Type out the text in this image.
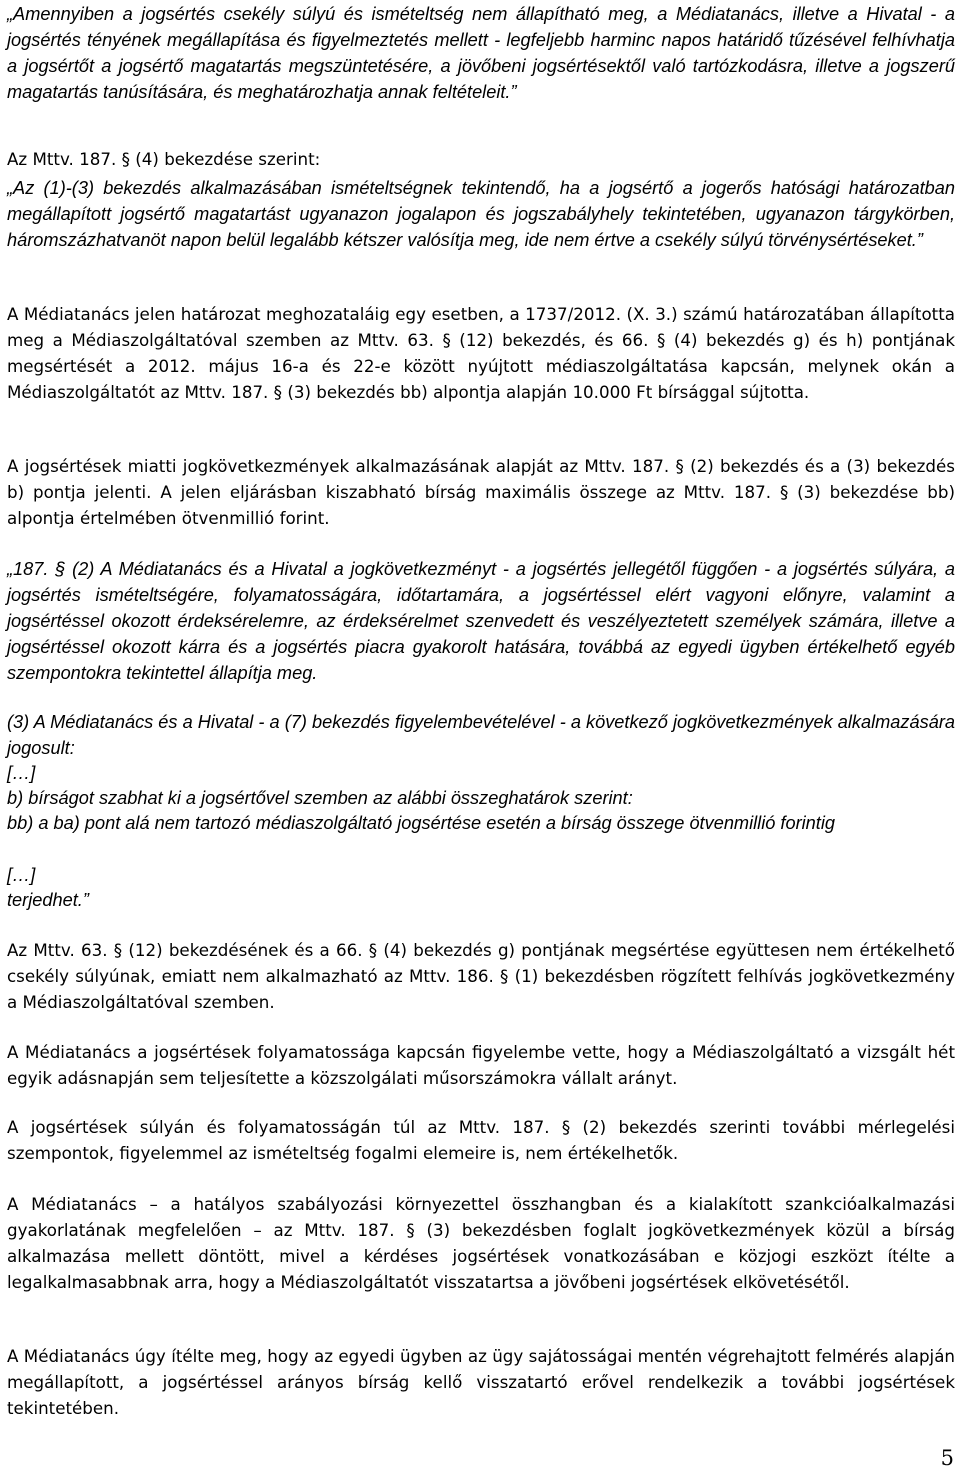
„Amennyiben a jogsértés csekély súlyú és ismételtség nem állapítható meg, a Médiatanács, illetve a Hivatal - a jogsértés tényének megállapítása és figyelmeztetés mellett - legfeljebb harminc napos határidő tűzésével felhívhatja a jogsértőt a jogsértő magatartás megszüntetésére, a jövőbeni jogsértésektől való tartózkodásra, illetve a jogszerű magatartás tanúsítására, és meghatározhatja annak feltételeit.”

Az Mttv. 187. § (4) bekezdése szerint:

„Az (1)-(3) bekezdés alkalmazásában ismételtségnek tekintendő, ha a jogsértő a jogerős hatósági határozatban megállapított jogsértő magatartást ugyanazon jogalapon és jogszabályhely tekintetében, ugyanazon tárgykörben, háromszázhatvanöt napon belül legalább kétszer valósítja meg, ide nem értve a csekély súlyú törvénysértéseket.”

A Médiatanács jelen határozat meghozataláig egy esetben, a 1737/2012. (X. 3.) számú határozatában állapította meg a Médiaszolgáltatóval szemben az Mttv. 63. § (12) bekezdés, és 66. § (4) bekezdés g) és h) pontjának megsértését a 2012. május 16-a és 22-e között nyújtott médiaszolgáltatása kapcsán, melynek okán a Médiaszolgáltatót az Mttv. 187. § (3) bekezdés bb) alpontja alapján 10.000 Ft bírsággal sújtotta.

A jogsértések miatti jogkövetkezmények alkalmazásának alapját az Mttv. 187. § (2) bekezdés és a (3) bekezdés b) pontja jelenti. A jelen eljárásban kiszabható bírság maximális összege az Mttv. 187. § (3) bekezdése bb) alpontja értelmében ötvenmillió forint.

„187. § (2) A Médiatanács és a Hivatal a jogkövetkezményt - a jogsértés jellegétől függően - a jogsértés súlyára, a jogsértés ismételtségére, folyamatosságára, időtartamára, a jogsértéssel elért vagyoni előnyre, valamint a jogsértéssel okozott érdeksérelemre, az érdeksérelmet szenvedett és veszélyeztetett személyek számára, illetve a jogsértéssel okozott kárra és a jogsértés piacra gyakorolt hatására, továbbá az egyedi ügyben értékelhető egyéb szempontokra tekintettel állapítja meg.

(3) A Médiatanács és a Hivatal - a (7) bekezdés figyelembevételével - a következő jogkövetkezmények alkalmazására jogosult:

[…]

b) bírságot szabhat ki a jogsértővel szemben az alábbi összeghatárok szerint:

bb) a ba) pont alá nem tartozó médiaszolgáltató jogsértése esetén a bírság összege ötvenmillió forintig

[…]

terjedhet.”

Az Mttv. 63. § (12) bekezdésének és a 66. § (4) bekezdés g) pontjának megsértése együttesen nem értékelhető csekély súlyúnak, emiatt nem alkalmazható az Mttv. 186. § (1) bekezdésben rögzített felhívás jogkövetkezmény a Médiaszolgáltatóval szemben.

A Médiatanács a jogsértések folyamatossága kapcsán figyelembe vette, hogy a Médiaszolgáltató a vizsgált hét egyik adásnapján sem teljesítette a közszolgálati műsorszámokra vállalt arányt.

A jogsértések súlyán és folyamatosságán túl az Mttv. 187. § (2) bekezdés szerinti további mérlegelési szempontok, figyelemmel az ismételtség fogalmi elemeire is, nem értékelhetők.

A Médiatanács – a hatályos szabályozási környezettel összhangban és a kialakított szankcióalkalmazási gyakorlatának megfelelően – az Mttv. 187. § (3) bekezdésben foglalt jogkövetkezmények közül a bírság alkalmazása mellett döntött, mivel a kérdéses jogsértések vonatkozásában e közjogi eszközt ítélte a legalkalmasabbnak arra, hogy a Médiaszolgáltatót visszatartsa a jövőbeni jogsértések elkövetésétől.

A Médiatanács úgy ítélte meg, hogy az egyedi ügyben az ügy sajátosságai mentén végrehajtott felmérés alapján megállapított, a jogsértéssel arányos bírság kellő visszatartó erővel rendelkezik a további jogsértések tekintetében.

5
